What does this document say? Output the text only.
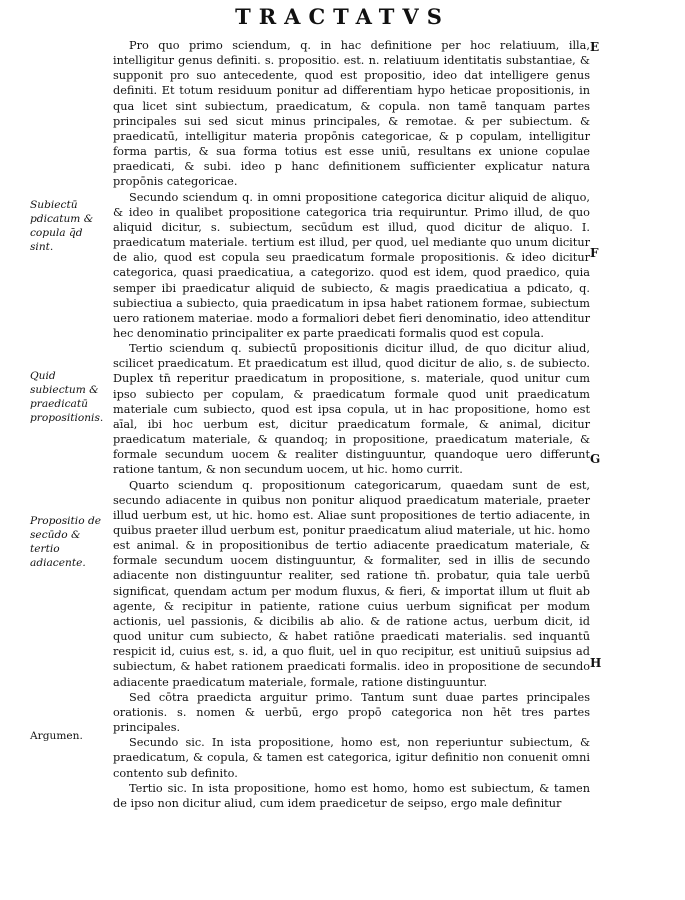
TRACTATVS

Pro quo primo sciendum, q. in hac definitione per hoc relatiuum, illa, intelligitur genus definiti. s. propositio. est. n. relatiuum identitatis substantiae, & supponit pro suo antecedente, quod est propositio, ideo dat intelligere genus definiti. Et totum residuum ponitur ad differentiam hypo heticae propositionis, in qua licet sint subiectum, praedicatum, & copula. non tamē tanquam partes principales sui sed sicut minus principales, & remotae. & per subiectum. & praedicatū, intelligitur materia propōnis categoricae, & p copulam, intelligitur forma partis, & sua forma totius est esse uniū, resultans ex unione copulae praedicati, & subi. ideo p hanc definitionem sufficienter explicatur natura propōnis categoricae.

Secundo sciendum q. in omni propositione categorica dicitur aliquid de aliquo, & ideo in qualibet propositione categorica tria requiruntur. Primo illud, de quo aliquid dicitur, s. subiectum, secūdum est illud, quod dicitur de aliquo. I. praedicatum materiale. tertium est illud, per quod, uel mediante quo unum dicitur de alio, quod est copula seu praedicatum formale propositionis. & ideo dicitur categorica, quasi praedicatiua, a categorizo. quod est idem, quod praedico, quia semper ibi praedicatur aliquid de subiecto, & magis praedicatiua a pdicato, q. subiectiua a subiecto, quia praedicatum in ipsa habet rationem formae, subiectum uero rationem materiae. modo a formaliori debet fieri denominatio, ideo attenditur hec denominatio principaliter ex parte praedicati formalis quod est copula.

Tertio sciendum q. subiectū propositionis dicitur illud, de quo dicitur aliud, scilicet praedicatum. Et praedicatum est illud, quod dicitur de alio, s. de subiecto. Duplex tn̄ reperitur praedicatum in propositione, s. materiale, quod unitur cum ipso subiecto per copulam, & praedicatum formale quod unit praedicatum materiale cum subiecto, quod est ipsa copula, ut in hac propositione, homo est aīal, ibi hoc uerbum est, dicitur praedicatum formale, & animal, dicitur praedicatum materiale, & quandoq; in propositione, praedicatum materiale, & formale secundum uocem & realiter distinguuntur, quandoque uero differunt ratione tantum, & non secundum uocem, ut hic. homo currit.

Quarto sciendum q. propositionum categoricarum, quaedam sunt de est, secundo adiacente in quibus non ponitur aliquod praedicatum materiale, praeter illud uerbum est, ut hic. homo est. Aliae sunt propositiones de tertio adiacente, in quibus praeter illud uerbum est, ponitur praedicatum aliud materiale, ut hic. homo est animal. & in propositionibus de tertio adiacente praedicatum materiale, & formale secundum uocem distinguuntur, & formaliter, sed in illis de secundo adiacente non distinguuntur realiter, sed ratione tn̄. probatur, quia tale uerbū significat, quendam actum per modum fluxus, & fieri, & importat illum ut fluit ab agente, & recipitur in patiente, ratione cuius uerbum significat per modum actionis, uel passionis, & dicibilis ab alio. & de ratione actus, uerbum dicit, id quod unitur cum subiecto, & habet ratiōne praedicati materialis. sed inquantū respicit id, cuius est, s. id, a quo fluit, uel in quo recipitur, est unitiuū suipsius ad subiectum, & habet rationem praedicati formalis. ideo in propositione de secundo adiacente praedicatum materiale, formale, ratione distinguuntur.

Sed cōtra praedicta arguitur primo. Tantum sunt duae partes principales orationis. s. nomen & uerbū, ergo propō categorica non hēt tres partes principales.

Secundo sic. In ista propositione, homo est, non reperiuntur subiectum, & praedicatum, & copula, & tamen est categorica, igitur definitio non conuenit omni contento sub definito.

Tertio sic. In ista propositione, homo est homo, homo est subiectum, & tamen de ipso non dicitur aliud, cum idem praedicetur de seipso, ergo male definitur

Subiectū pdicatum & copula q̄d sint.
Quid subiectum & praedicatū propositionis.
Propositio de secūdo & tertio adiacente.
Argumen.
E
F
G
H
